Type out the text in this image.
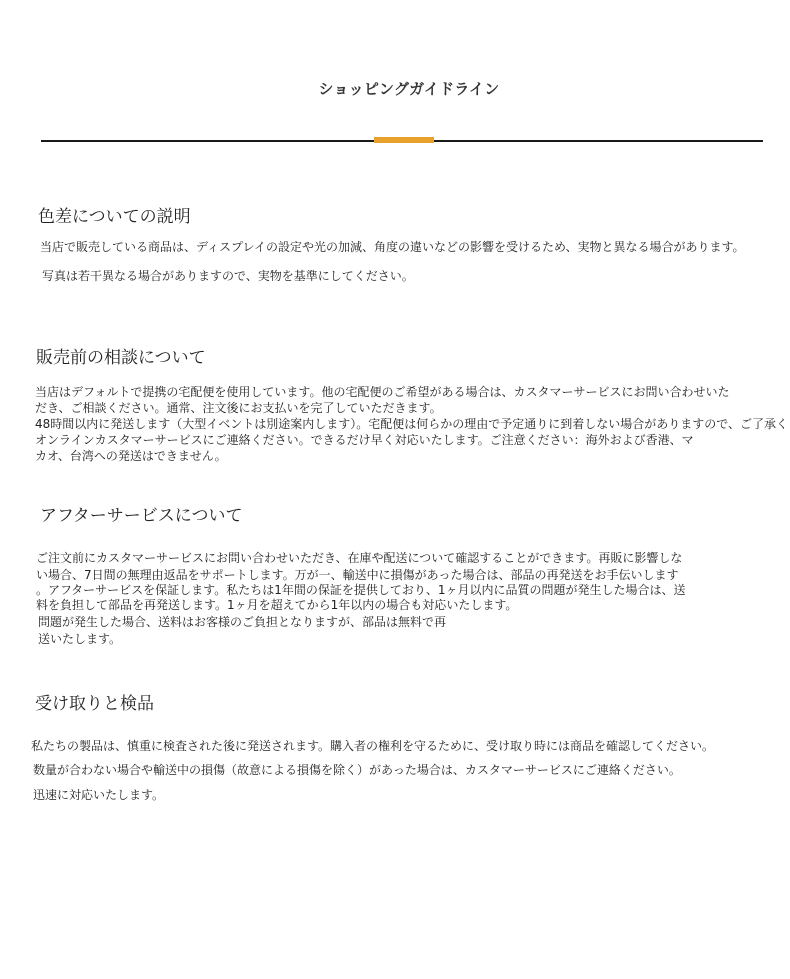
ショッピングガイドライン
色差についての説明
当店で販売している商品は、ディスプレイの設定や光の加減、角度の違いなどの影響を受けるため、実物と異なる場合があります。
写真は若干異なる場合がありますので、実物を基準にしてください。
販売前の相談について
当店はデフォルトで提携の宅配便を使用しています。他の宅配便のご希望がある場合は、カスタマーサービスにお問い合わせいた
だき、ご相談ください。通常、注文後にお支払いを完了していただきます。
48時間以内に発送します（大型イベントは別途案内します）。宅配便は何らかの理由で予定通りに到着しない場合がありますので、ご了承く
オンラインカスタマーサービスにご連絡ください。できるだけ早く対応いたします。ご注意ください：海外および香港、マ
カオ、台湾への発送はできません。
アフターサービスについて
ご注文前にカスタマーサービスにお問い合わせいただき、在庫や配送について確認することができます。再販に影響しな
い場合、7日間の無理由返品をサポートします。万が一、輸送中に損傷があった場合は、部品の再発送をお手伝いします
。アフターサービスを保証します。私たちは1年間の保証を提供しており、1ヶ月以内に品質の問題が発生した場合は、送
料を負担して部品を再発送します。1ヶ月を超えてから1年以内の場合も対応いたします。
問題が発生した場合、送料はお客様のご負担となりますが、部品は無料で再
送いたします。
受け取りと検品
私たちの製品は、慎重に検査された後に発送されます。購入者の権利を守るために、受け取り時には商品を確認してください。
数量が合わない場合や輸送中の損傷（故意による損傷を除く）があった場合は、カスタマーサービスにご連絡ください。
迅速に対応いたします。
